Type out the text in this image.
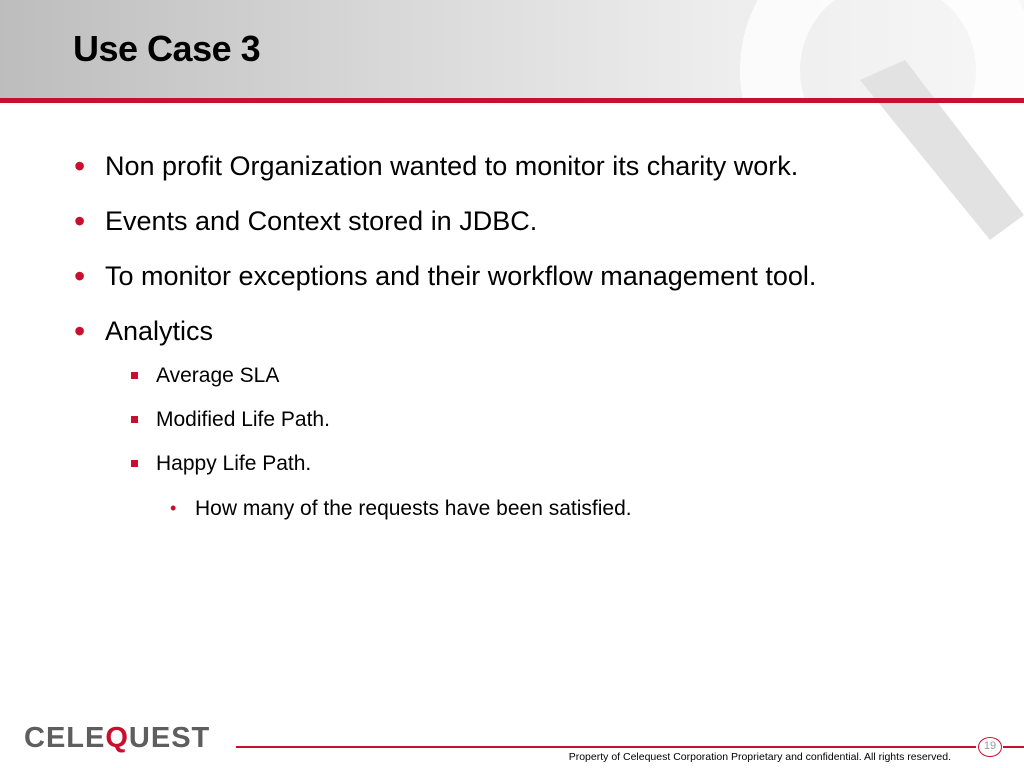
Use Case 3
• Non profit Organization wanted to monitor its charity work.
• Events and Context stored in JDBC.
• To monitor exceptions and their workflow management tool.
• Analytics
Average SLA
Modified Life Path.
Happy Life Path.
• How many of the requests have been satisfied.
CELEQUEST	19
Property of Celequest Corporation Proprietary and confidential. All rights reserved.
